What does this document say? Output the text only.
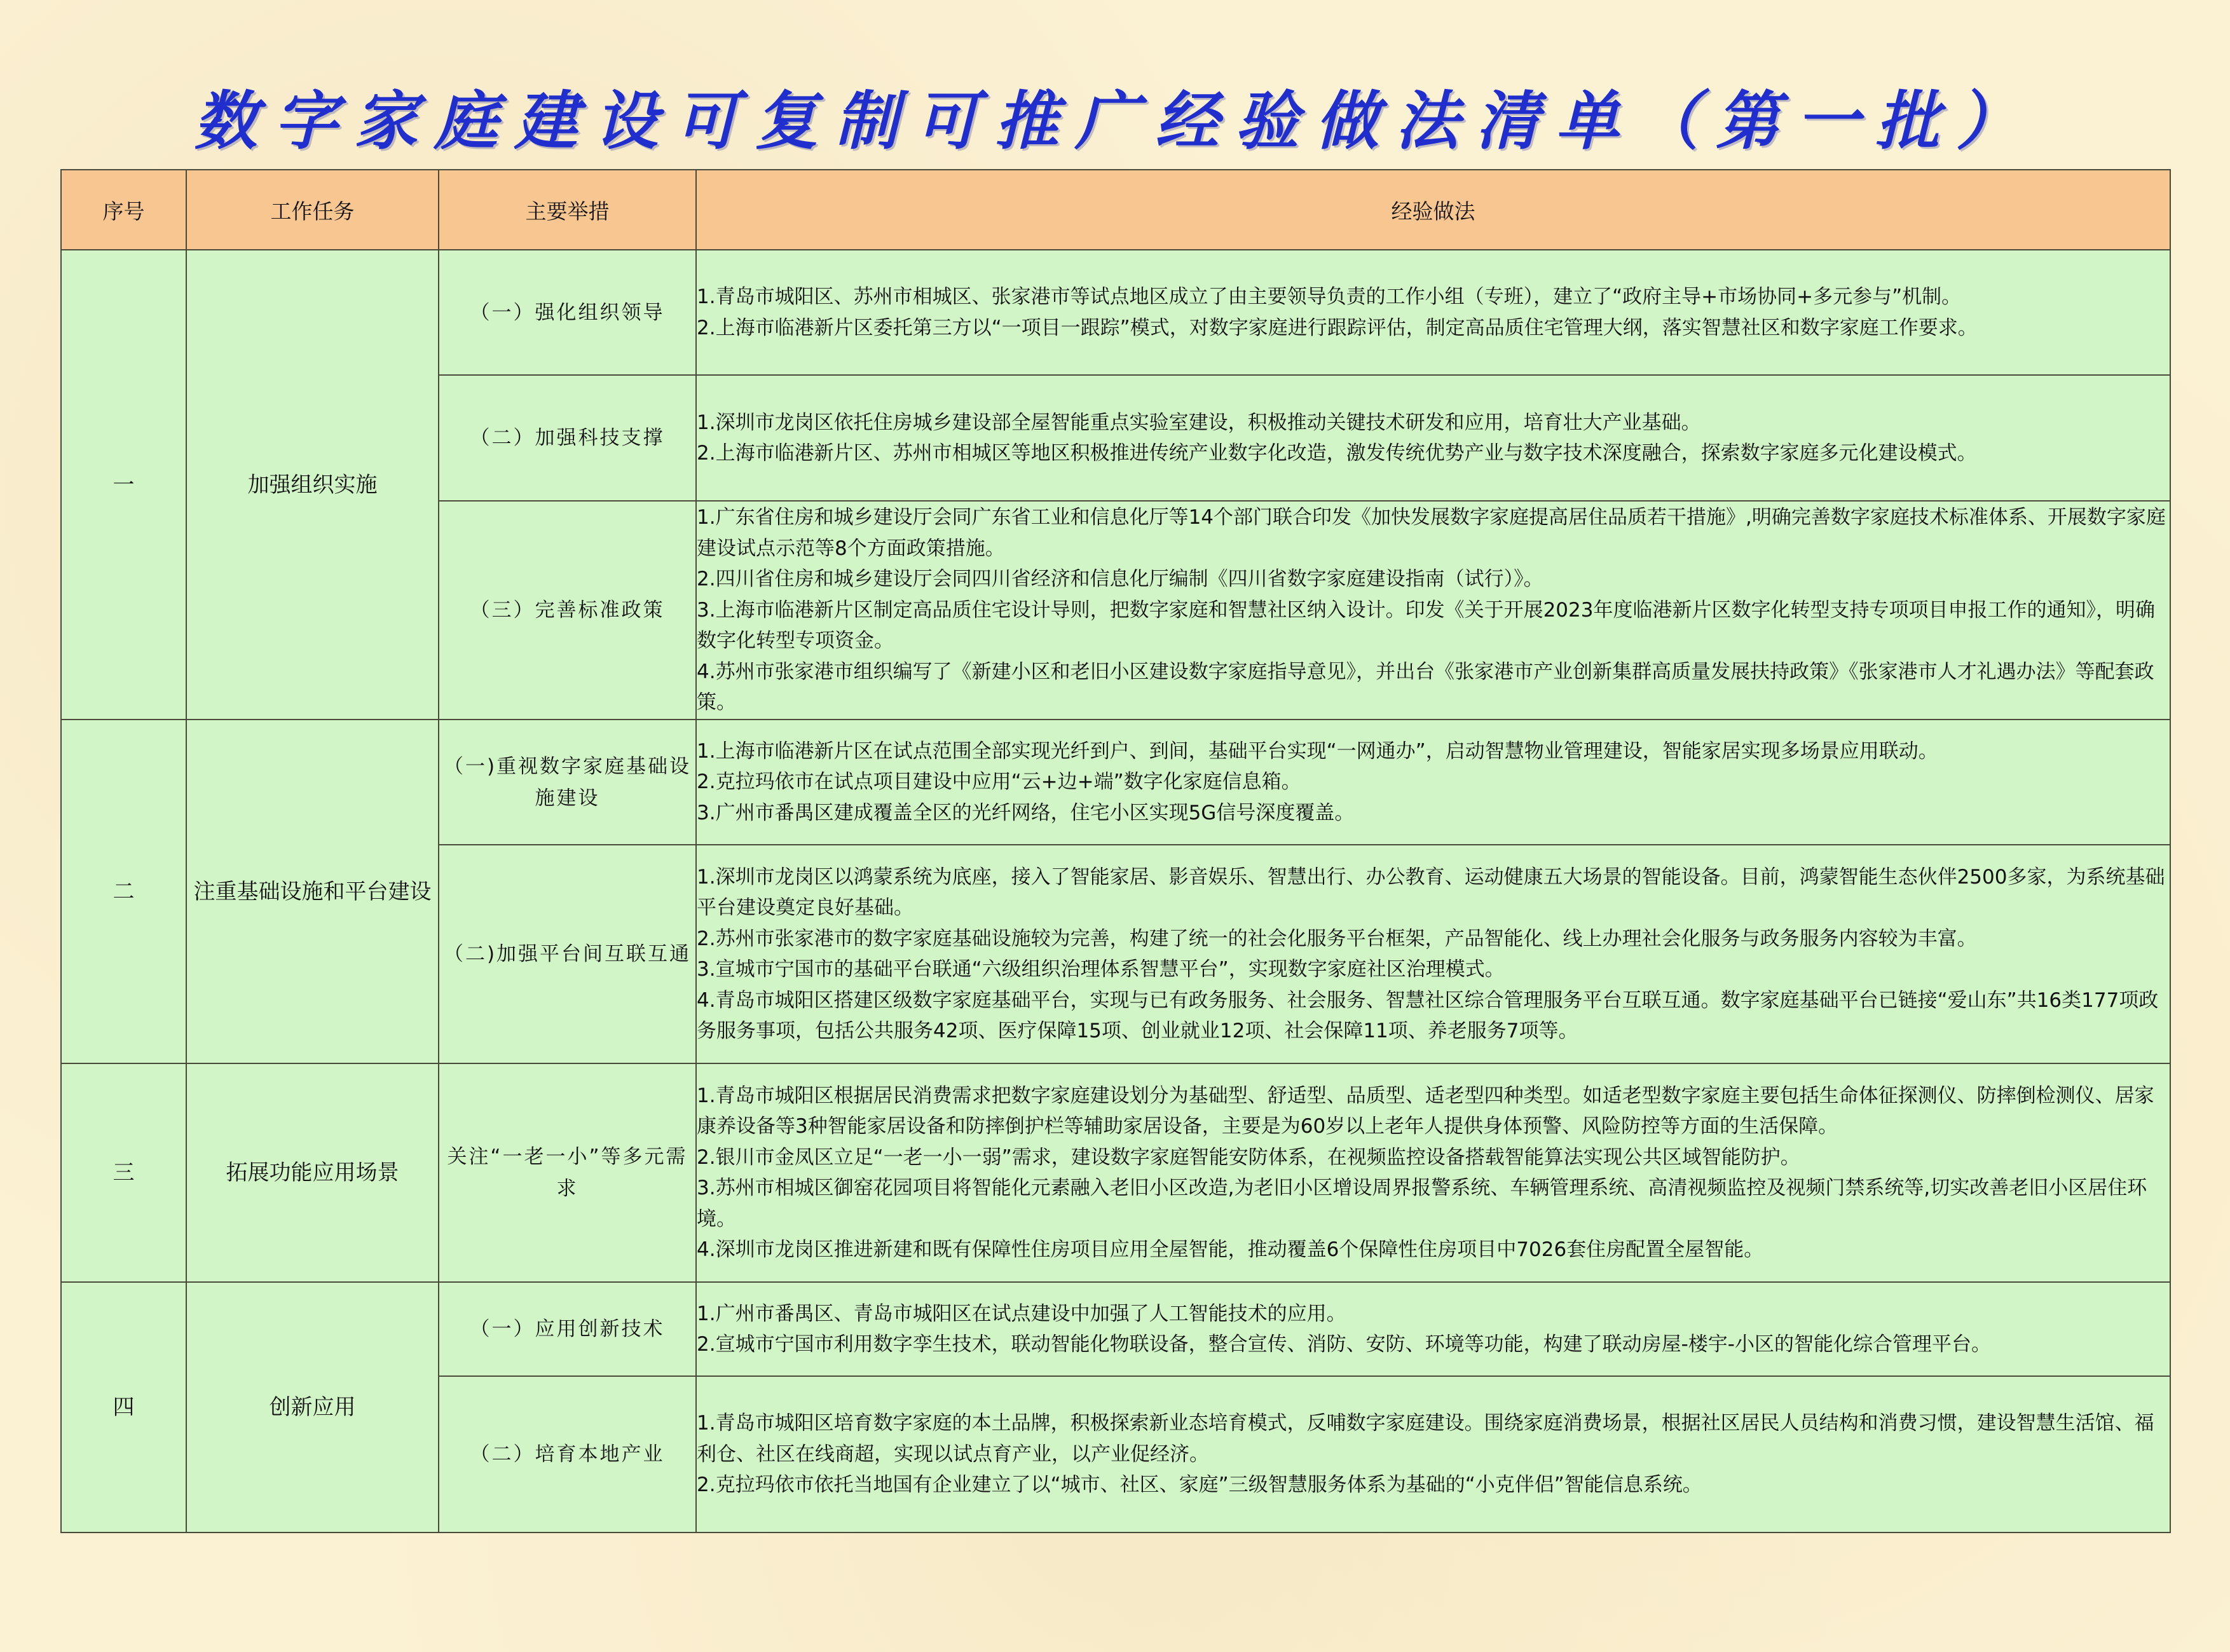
数字家庭建设可复制可推广经验做法清单（第一批）
序号	工作任务	主要举措	经验做法
一	加强组织实施	（一）强化组织领导	1.青岛市城阳区、苏州市相城区、张家港市等试点地区成立了由主要领导负责的工作小组（专班），建立了“政府主导+市场协同+多元参与”机制。
2.上海市临港新片区委托第三方以“一项目一跟踪”模式，对数字家庭进行跟踪评估，制定高品质住宅管理大纲，落实智慧社区和数字家庭工作要求。

		（二）加强科技支撑	1.深圳市龙岗区依托住房城乡建设部全屋智能重点实验室建设，积极推动关键技术研发和应用，培育壮大产业基础。
2.上海市临港新片区、苏州市相城区等地区积极推进传统产业数字化改造，激发传统优势产业与数字技术深度融合，探索数字家庭多元化建设模式。

		（三）完善标准政策	1.广东省住房和城乡建设厅会同广东省工业和信息化厅等14个部门联合印发《加快发展数字家庭提高居住品质若干措施》,明确完善数字家庭技术标准体系、开展数字家庭建设试点示范等8个方面政策措施。
2.四川省住房和城乡建设厅会同四川省经济和信息化厅编制《四川省数字家庭建设指南（试行）》。
3.上海市临港新片区制定高品质住宅设计导则，把数字家庭和智慧社区纳入设计。印发《关于开展2023年度临港新片区数字化转型支持专项项目申报工作的通知》，明确数字化转型专项资金。
4.苏州市张家港市组织编写了《新建小区和老旧小区建设数字家庭指导意见》，并出台《张家港市产业创新集群高质量发展扶持政策》《张家港市人才礼遇办法》等配套政策。

二	注重基础设施和平台建设	（一)重视数字家庭基础设施建设	1.上海市临港新片区在试点范围全部实现光纤到户、到间，基础平台实现“一网通办”，启动智慧物业管理建设，智能家居实现多场景应用联动。
2.克拉玛依市在试点项目建设中应用“云+边+端”数字化家庭信息箱。
3.广州市番禺区建成覆盖全区的光纤网络，住宅小区实现5G信号深度覆盖。

		（二)加强平台间互联互通	1.深圳市龙岗区以鸿蒙系统为底座，接入了智能家居、影音娱乐、智慧出行、办公教育、运动健康五大场景的智能设备。目前，鸿蒙智能生态伙伴2500多家，为系统基础平台建设奠定良好基础。
2.苏州市张家港市的数字家庭基础设施较为完善，构建了统一的社会化服务平台框架，产品智能化、线上办理社会化服务与政务服务内容较为丰富。
3.宣城市宁国市的基础平台联通“六级组织治理体系智慧平台”，实现数字家庭社区治理模式。
4.青岛市城阳区搭建区级数字家庭基础平台，实现与已有政务服务、社会服务、智慧社区综合管理服务平台互联互通。数字家庭基础平台已链接“爱山东”共16类177项政务服务事项，包括公共服务42项、医疗保障15项、创业就业12项、社会保障11项、养老服务7项等。

三	拓展功能应用场景	关注“一老一小”等多元需求	1.青岛市城阳区根据居民消费需求把数字家庭建设划分为基础型、舒适型、品质型、适老型四种类型。如适老型数字家庭主要包括生命体征探测仪、防摔倒检测仪、居家康养设备等3种智能家居设备和防摔倒护栏等辅助家居设备，主要是为60岁以上老年人提供身体预警、风险防控等方面的生活保障。
2.银川市金凤区立足“一老一小一弱”需求，建设数字家庭智能安防体系，在视频监控设备搭载智能算法实现公共区域智能防护。
3.苏州市相城区御窑花园项目将智能化元素融入老旧小区改造,为老旧小区增设周界报警系统、车辆管理系统、高清视频监控及视频门禁系统等,切实改善老旧小区居住环境。
4.深圳市龙岗区推进新建和既有保障性住房项目应用全屋智能，推动覆盖6个保障性住房项目中7026套住房配置全屋智能。

四	创新应用	（一）应用创新技术	1.广州市番禺区、青岛市城阳区在试点建设中加强了人工智能技术的应用。
2.宣城市宁国市利用数字孪生技术，联动智能化物联设备，整合宣传、消防、安防、环境等功能，构建了联动房屋-楼宇-小区的智能化综合管理平台。

		（二）培育本地产业	1.青岛市城阳区培育数字家庭的本土品牌，积极探索新业态培育模式，反哺数字家庭建设。围绕家庭消费场景，根据社区居民人员结构和消费习惯，建设智慧生活馆、福利仓、社区在线商超，实现以试点育产业，以产业促经济。
2.克拉玛依市依托当地国有企业建立了以“城市、社区、家庭”三级智慧服务体系为基础的“小克伴侣”智能信息系统。
